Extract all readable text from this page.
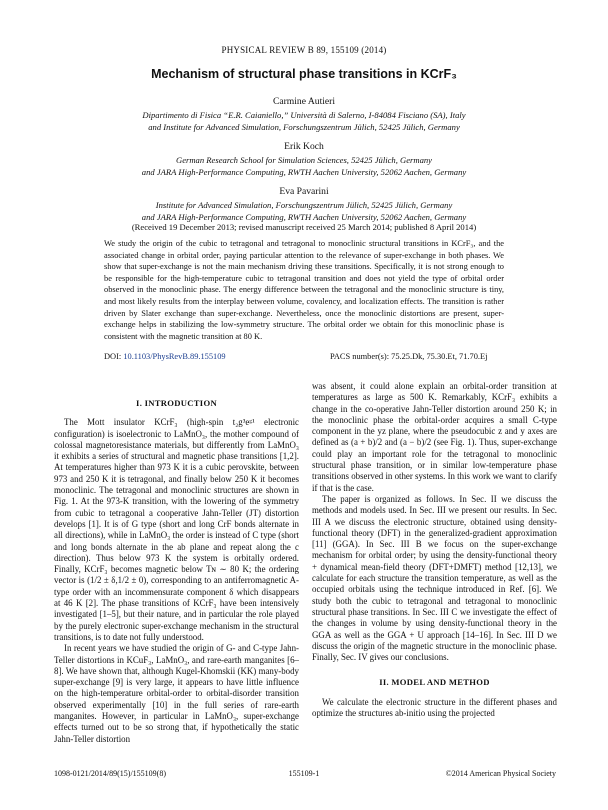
PHYSICAL REVIEW B 89, 155109 (2014)
Mechanism of structural phase transitions in KCrF₃
Carmine Autieri
Dipartimento di Fisica “E.R. Caianiello,” Università di Salerno, I-84084 Fisciano (SA), Italy
and Institute for Advanced Simulation, Forschungszentrum Jülich, 52425 Jülich, Germany
Erik Koch
German Research School for Simulation Sciences, 52425 Jülich, Germany
and JARA High-Performance Computing, RWTH Aachen University, 52062 Aachen, Germany
Eva Pavarini
Institute for Advanced Simulation, Forschungszentrum Jülich, 52425 Jülich, Germany
and JARA High-Performance Computing, RWTH Aachen University, 52062 Aachen, Germany
(Received 19 December 2013; revised manuscript received 25 March 2014; published 8 April 2014)
We study the origin of the cubic to tetragonal and tetragonal to monoclinic structural transitions in KCrF₃, and the associated change in orbital order, paying particular attention to the relevance of super-exchange in both phases. We show that super-exchange is not the main mechanism driving these transitions. Specifically, it is not strong enough to be responsible for the high-temperature cubic to tetragonal transition and does not yield the type of orbital order observed in the monoclinic phase. The energy difference between the tetragonal and the monoclinic structure is tiny, and most likely results from the interplay between volume, covalency, and localization effects. The transition is rather driven by Slater exchange than super-exchange. Nevertheless, once the monoclinic distortions are present, super-exchange helps in stabilizing the low-symmetry structure. The orbital order we obtain for this monoclinic phase is consistent with the magnetic transition at 80 K.
DOI: 10.1103/PhysRevB.89.155109	PACS number(s): 75.25.Dk, 75.30.Et, 71.70.Ej
I. INTRODUCTION

The Mott insulator KCrF₃ (high-spin t₂g³eᵍ¹ electronic configuration) is isoelectronic to LaMnO₃, the mother compound of colossal magnetoresistance materials, but differently from LaMnO₃ it exhibits a series of structural and magnetic phase transitions [1,2]. At temperatures higher than 973 K it is a cubic perovskite, between 973 and 250 K it is tetragonal, and finally below 250 K it becomes monoclinic. The tetragonal and monoclinic structures are shown in Fig. 1. At the 973-K transition, with the lowering of the symmetry from cubic to tetragonal a cooperative Jahn-Teller (JT) distortion develops [1]. It is of G type (short and long CrF bonds alternate in all directions), while in LaMnO₃ the order is instead of C type (short and long bonds alternate in the ab plane and repeat along the c direction). Thus below 973 K the system is orbitally ordered. Finally, KCrF₃ becomes magnetic below Tɴ ∼ 80 K; the ordering vector is (1/2 ± δ,1/2 ± 0), corresponding to an antiferromagnetic A-type order with an incommensurate component δ which disappears at 46 K [2]. The phase transitions of KCrF₃ have been intensively investigated [1–5], but their nature, and in particular the role played by the purely electronic super-exchange mechanism in the structural transitions, is to date not fully understood.

In recent years we have studied the origin of G- and C-type Jahn-Teller distortions in KCuF₃, LaMnO₃, and rare-earth manganites [6–8]. We have shown that, although Kugel-Khomskii (KK) many-body super-exchange [9] is very large, it appears to have little influence on the high-temperature orbital-order to orbital-disorder transition observed experimentally [10] in the full series of rare-earth manganites. However, in particular in LaMnO₃, super-exchange effects turned out to be so strong that, if hypothetically the static Jahn-Teller distortion

was absent, it could alone explain an orbital-order transition at temperatures as large as 500 K. Remarkably, KCrF₃ exhibits a change in the co-operative Jahn-Teller distortion around 250 K; in the monoclinic phase the orbital-order acquires a small C-type component in the yz plane, where the pseudocubic z and y axes are defined as (a + b)/2 and (a − b)/2 (see Fig. 1). Thus, super-exchange could play an important role for the tetragonal to monoclinic structural phase transition, or in similar low-temperature phase transitions observed in other systems. In this work we want to clarify if that is the case.

The paper is organized as follows. In Sec. II we discuss the methods and models used. In Sec. III we present our results. In Sec. III A we discuss the electronic structure, obtained using density-functional theory (DFT) in the generalized-gradient approximation [11] (GGA). In Sec. III B we focus on the super-exchange mechanism for orbital order; by using the density-functional theory + dynamical mean-field theory (DFT+DMFT) method [12,13], we calculate for each structure the transition temperature, as well as the occupied orbitals using the technique introduced in Ref. [6]. We study both the cubic to tetragonal and tetragonal to monoclinic structural phase transitions. In Sec. III C we investigate the effect of the changes in volume by using density-functional theory in the GGA as well as the GGA + U approach [14–16]. In Sec. III D we discuss the origin of the magnetic structure in the monoclinic phase. Finally, Sec. IV gives our conclusions.

II. MODEL AND METHOD

We calculate the electronic structure in the different phases and optimize the structures ab-initio using the projected

1098-0121/2014/89(15)/155109(8)	155109-1	©2014 American Physical Society
